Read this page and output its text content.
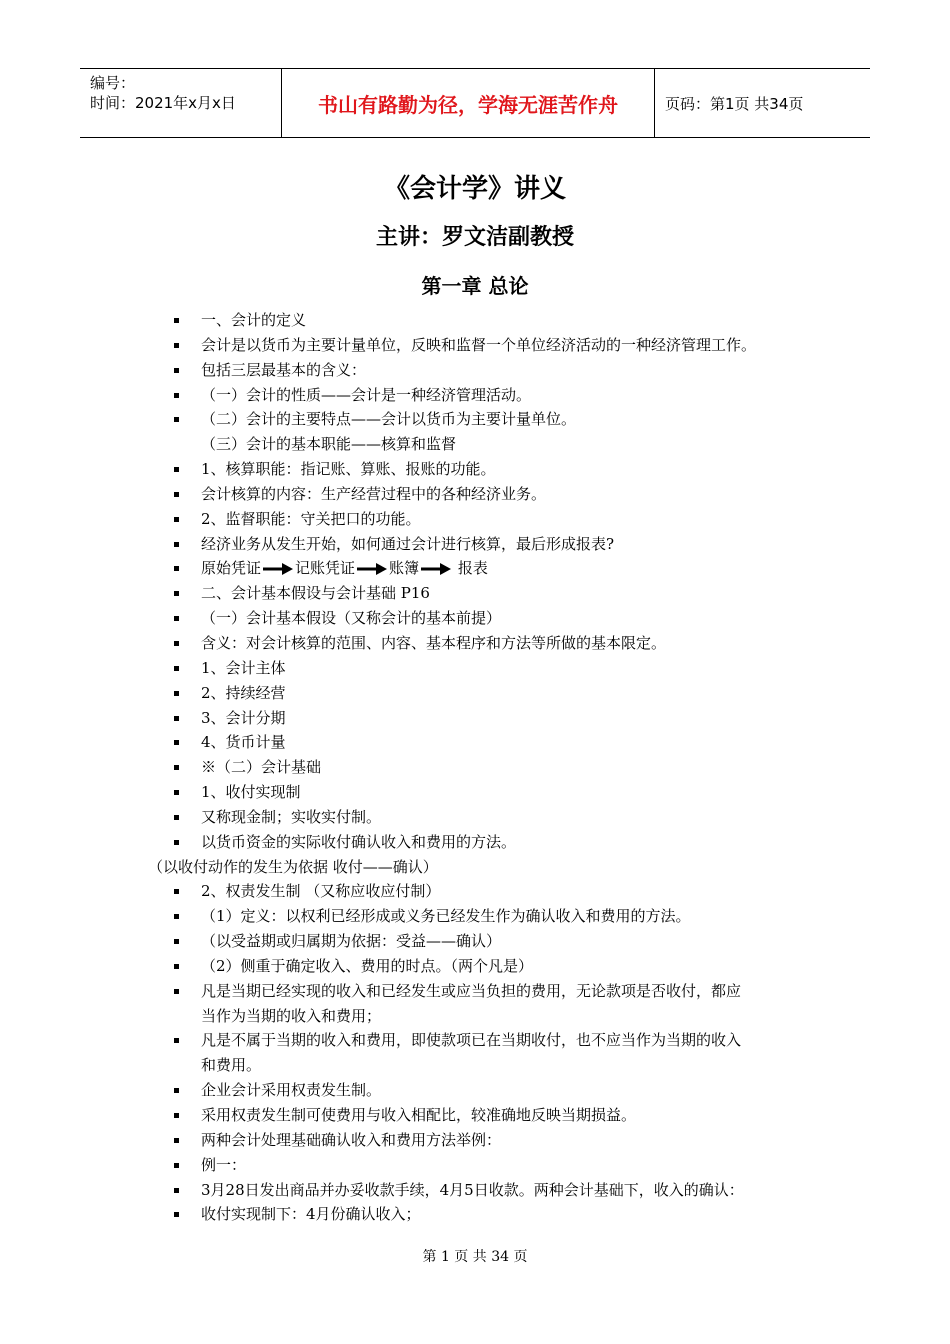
编号：
时间：2021年x月x日	书山有路勤为径，学海无涯苦作舟	页码：第1页 共34页
《会计学》讲义
主讲：罗文洁副教授
第一章 总论
一、会计的定义
会计是以货币为主要计量单位，反映和监督一个单位经济活动的一种经济管理工作。
包括三层最基本的含义：
（一）会计的性质——会计是一种经济管理活动。
（二）会计的主要特点——会计以货币为主要计量单位。
（三）会计的基本职能——核算和监督
1、核算职能：指记账、算账、报账的功能。
会计核算的内容：生产经营过程中的各种经济业务。
2、监督职能：守关把口的功能。
经济业务从发生开始，如何通过会计进行核算，最后形成报表?
原始凭证 记账凭证 账簿 报表
二、会计基本假设与会计基础 P16
（一）会计基本假设（又称会计的基本前提）
含义：对会计核算的范围、内容、基本程序和方法等所做的基本限定。
1、会计主体
2、持续经营
3、会计分期
4、货币计量
※（二）会计基础
1、收付实现制
又称现金制；实收实付制。
以货币资金的实际收付确认收入和费用的方法。
（以收付动作的发生为依据 收付——确认）
2、权责发生制 （又称应收应付制）
（1）定义：以权利已经形成或义务已经发生作为确认收入和费用的方法。
（以受益期或归属期为依据：受益——确认）
（2）侧重于确定收入、费用的时点。（两个凡是）
凡是当期已经实现的收入和已经发生或应当负担的费用，无论款项是否收付，都应
当作为当期的收入和费用；
凡是不属于当期的收入和费用，即使款项已在当期收付，也不应当作为当期的收入
和费用。
企业会计采用权责发生制。
采用权责发生制可使费用与收入相配比，较准确地反映当期损益。
两种会计处理基础确认收入和费用方法举例：
例一：
3月28日发出商品并办妥收款手续，4月5日收款。两种会计基础下，收入的确认：
收付实现制下：4月份确认收入；
第 1 页 共 34 页
